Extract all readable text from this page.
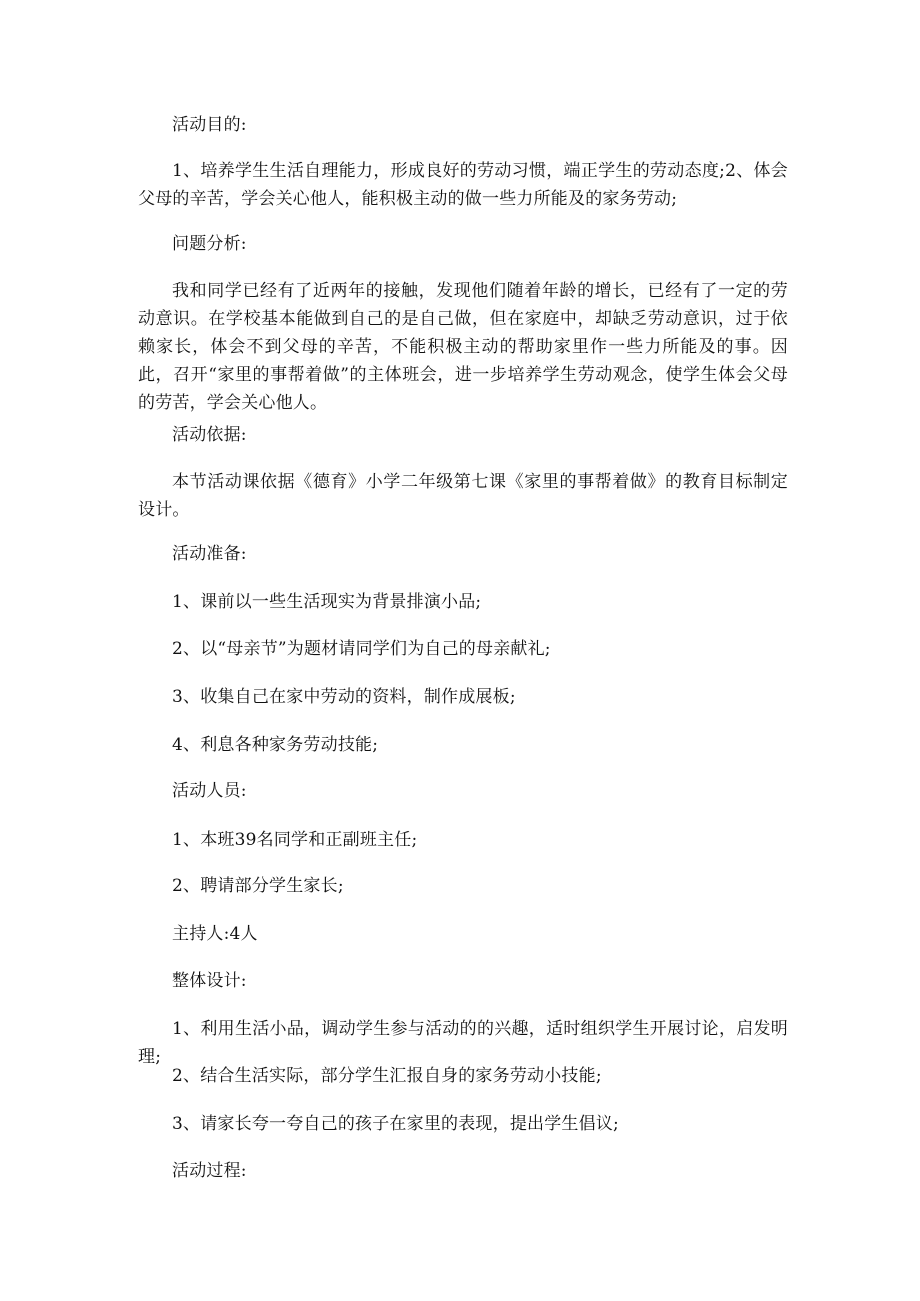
活动目的:

1、培养学生生活自理能力，形成良好的劳动习惯，端正学生的劳动态度;2、体会父母的辛苦，学会关心他人，能积极主动的做一些力所能及的家务劳动;

问题分析:

我和同学已经有了近两年的接触，发现他们随着年龄的增长，已经有了一定的劳动意识。在学校基本能做到自己的是自己做，但在家庭中，却缺乏劳动意识，过于依赖家长，体会不到父母的辛苦，不能积极主动的帮助家里作一些力所能及的事。因此，召开“家里的事帮着做”的主体班会，进一步培养学生劳动观念，使学生体会父母的劳苦，学会关心他人。

活动依据:

本节活动课依据《德育》小学二年级第七课《家里的事帮着做》的教育目标制定设计。

活动准备:

1、课前以一些生活现实为背景排演小品;

2、以“母亲节”为题材请同学们为自己的母亲献礼;

3、收集自己在家中劳动的资料，制作成展板;

4、利息各种家务劳动技能;

活动人员:

1、本班39名同学和正副班主任;

2、聘请部分学生家长;

主持人:4人

整体设计:

1、利用生活小品，调动学生参与活动的的兴趣，适时组织学生开展讨论，启发明理;

2、结合生活实际，部分学生汇报自身的家务劳动小技能;

3、请家长夸一夸自己的孩子在家里的表现，提出学生倡议;

活动过程:
